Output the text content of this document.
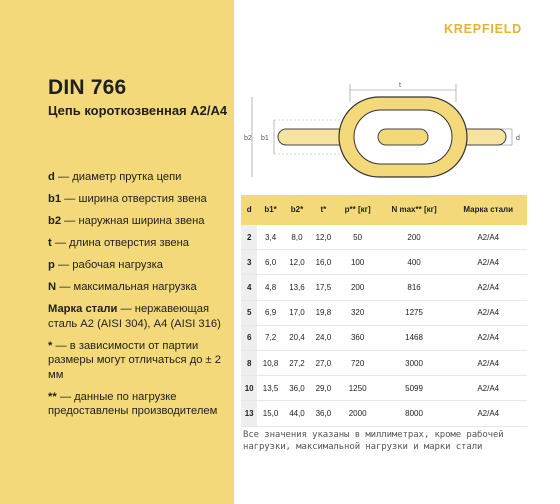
DIN 766
Цепь короткозвенная А2/А4
d — диаметр прутка цепи
b1 — ширина отверстия звена
b2 — наружная ширина звена
t — длина отверстия звена
p — рабочая нагрузка
N — максимальная нагрузка
Марка стали — нержавеющая сталь А2 (AISI 304), А4 (AISI 316)
* — в зависимости от партии размеры могут отличаться до ± 2 мм
** — данные по нагрузке предоставлены производителем
KREPFIELD
t
b2 b1	d
d	b1*	b2*	t*	p** [кг]	N max** [кг]	Марка стали
2	3,4	8,0	12,0	50	200	А2/А4
3	6,0	12,0	16,0	100	400	А2/А4
4	4,8	13,6	17,5	200	816	А2/А4
5	6,9	17,0	19,8	320	1275	А2/А4
6	7,2	20,4	24,0	360	1468	А2/А4
8	10,8	27,2	27,0	720	3000	А2/А4
10	13,5	36,0	29,0	1250	5099	А2/А4
13	15,0	44,0	36,0	2000	8000	А2/А4
Все значения указаны в миллиметрах, кроме рабочей нагрузки, максимальной нагрузки и марки стали
